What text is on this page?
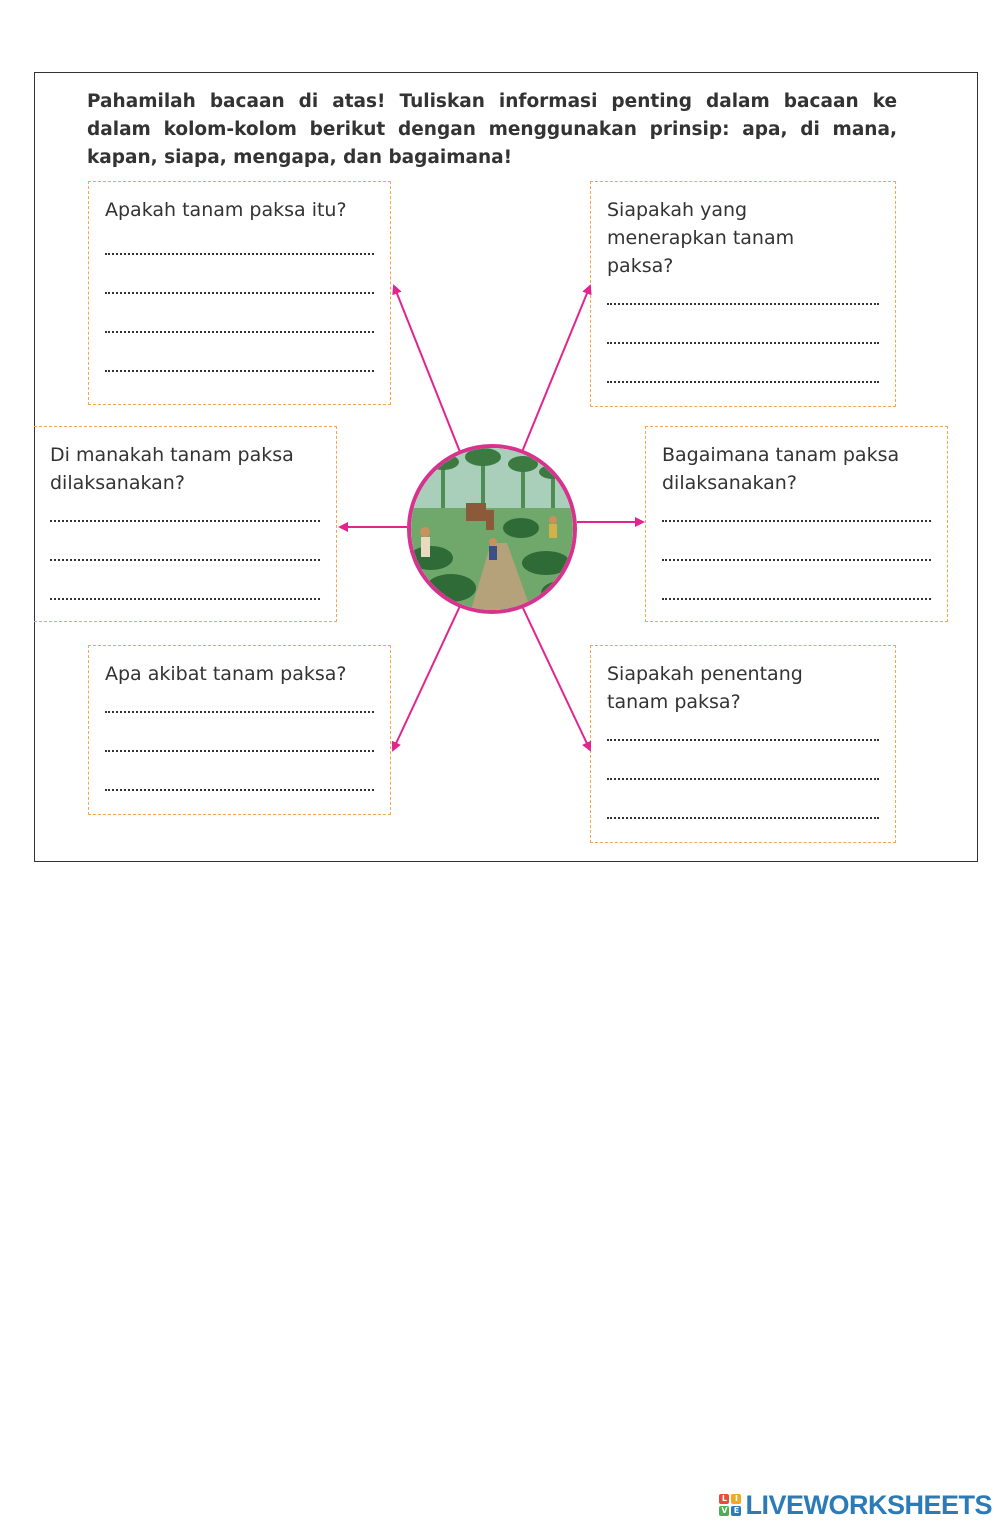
Pahamilah bacaan di atas! Tuliskan informasi penting dalam bacaan ke dalam kolom-kolom berikut dengan menggunakan prinsip: apa, di mana, kapan, siapa, mengapa, dan bagaimana!
Apakah tanam paksa itu?	Siapakah yang menerapkan tanam paksa?
Di manakah tanam paksa dilaksanakan?
Bagaimana tanam paksa dilaksanakan?
Apa akibat tanam paksa?	Siapakah penentang tanam paksa?
L I
V E LIVEWORKSHEETS
